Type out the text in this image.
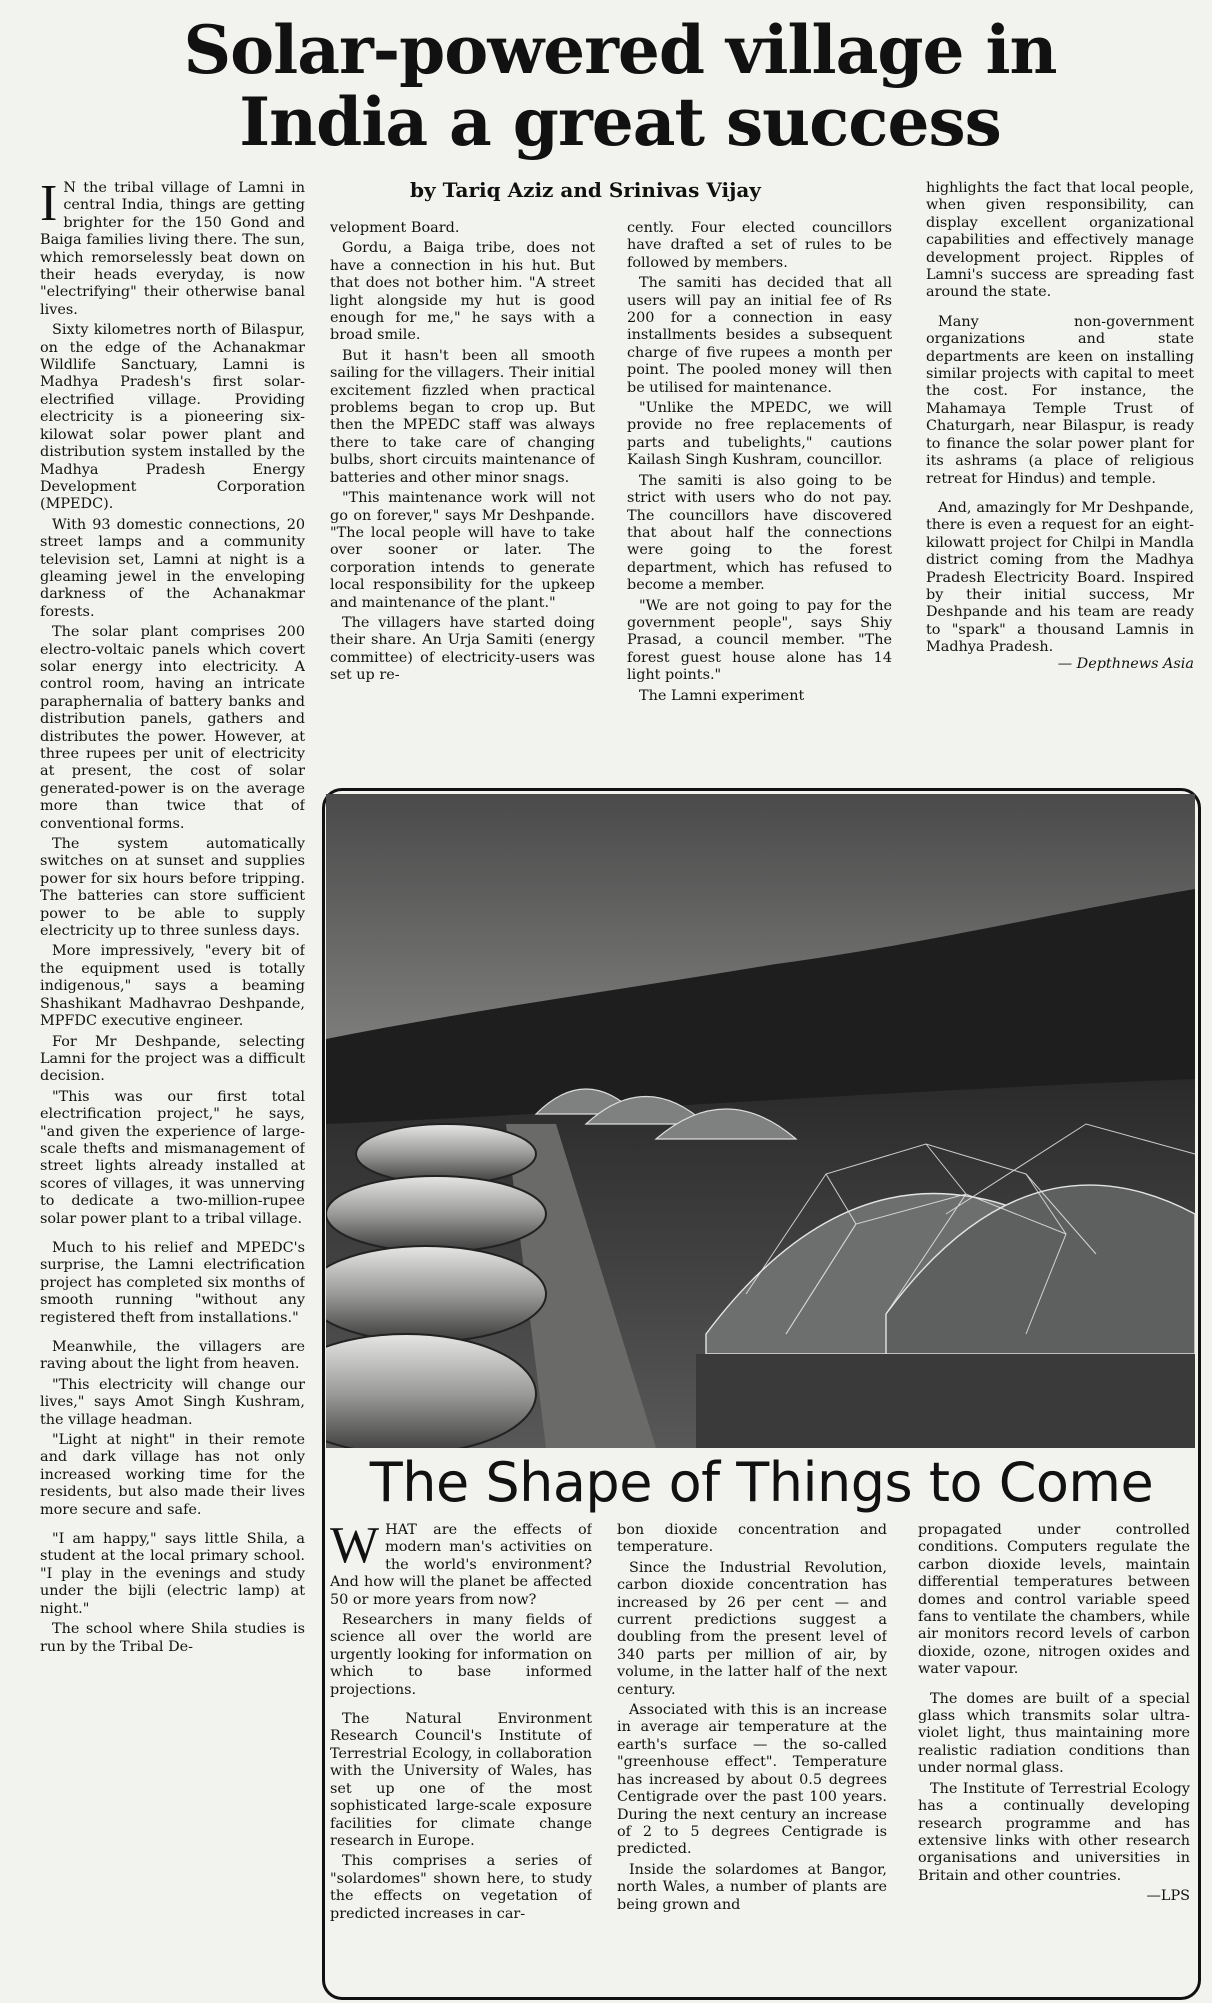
Solar-powered village in India a great success
by Tariq Aziz and Srinivas Vijay
I N the tribal village of Lamni in central India, things are getting brighter for the 150 Gond and Baiga families living there. The sun, which remorselessly beat down on their heads everyday, is now "electrifying" their otherwise banal lives.

Sixty kilometres north of Bilaspur, on the edge of the Achanakmar Wildlife Sanctuary, Lamni is Madhya Pradesh's first solar-electrified village. Providing electricity is a pioneering six-kilowat solar power plant and distribution system installed by the Madhya Pradesh Energy Development Corporation (MPEDC).

With 93 domestic connections, 20 street lamps and a community television set, Lamni at night is a gleaming jewel in the enveloping darkness of the Achanakmar forests.

The solar plant comprises 200 electro-voltaic panels which covert solar energy into electricity. A control room, having an intricate paraphernalia of battery banks and distribution panels, gathers and distributes the power. However, at three rupees per unit of electricity at present, the cost of solar generated-power is on the average more than twice that of conventional forms.

The system automatically switches on at sunset and supplies power for six hours before tripping. The batteries can store sufficient power to be able to supply electricity up to three sunless days.

More impressively, "every bit of the equipment used is totally indigenous," says a beaming Shashikant Madhavrao Deshpande, MPFDC executive engineer.

For Mr Deshpande, selecting Lamni for the project was a difficult decision.

"This was our first total electrification project," he says, "and given the experience of large-scale thefts and mismanagement of street lights already installed at scores of villages, it was unnerving to dedicate a two-million-rupee solar power plant to a tribal village.

Much to his relief and MPEDC's surprise, the Lamni electrification project has completed six months of smooth running "without any registered theft from installations."

Meanwhile, the villagers are raving about the light from heaven.

"This electricity will change our lives," says Amot Singh Kushram, the village headman.

"Light at night" in their remote and dark village has not only increased working time for the residents, but also made their lives more secure and safe.

"I am happy," says little Shila, a student at the local primary school. "I play in the evenings and study under the bijli (electric lamp) at night."

The school where Shila studies is run by the Tribal De-

velopment Board.

Gordu, a Baiga tribe, does not have a connection in his hut. But that does not bother him. "A street light alongside my hut is good enough for me," he says with a broad smile.

But it hasn't been all smooth sailing for the villagers. Their initial excitement fizzled when practical problems began to crop up. But then the MPEDC staff was always there to take care of changing bulbs, short circuits maintenance of batteries and other minor snags.

"This maintenance work will not go on forever," says Mr Deshpande. "The local people will have to take over sooner or later. The corporation intends to generate local responsibility for the upkeep and maintenance of the plant."

The villagers have started doing their share. An Urja Samiti (energy committee) of electricity-users was set up re-

cently. Four elected councillors have drafted a set of rules to be followed by members.

The samiti has decided that all users will pay an initial fee of Rs 200 for a connection in easy installments besides a subsequent charge of five rupees a month per point. The pooled money will then be utilised for maintenance.

"Unlike the MPEDC, we will provide no free replacements of parts and tubelights," cautions Kailash Singh Kushram, councillor.

The samiti is also going to be strict with users who do not pay. The councillors have discovered that about half the connections were going to the forest department, which has refused to become a member.

"We are not going to pay for the government people", says Shiy Prasad, a council member. "The forest guest house alone has 14 light points."

The Lamni experiment

highlights the fact that local people, when given responsibility, can display excellent organizational capabilities and effectively manage development project. Ripples of Lamni's success are spreading fast around the state.

Many non-government organizations and state departments are keen on installing similar projects with capital to meet the cost. For instance, the Mahamaya Temple Trust of Chaturgarh, near Bilaspur, is ready to finance the solar power plant for its ashrams (a place of religious retreat for Hindus) and temple.

And, amazingly for Mr Deshpande, there is even a request for an eight-kilowatt project for Chilpi in Mandla district coming from the Madhya Pradesh Electricity Board. Inspired by their initial success, Mr Deshpande and his team are ready to "spark" a thousand Lamnis in Madhya Pradesh.

— Depthnews Asia

The Shape of Things to Come
W HAT are the effects of modern man's activities on the world's environment? And how will the planet be affected 50 or more years from now?

Researchers in many fields of science all over the world are urgently looking for information on which to base informed projections.

The Natural Environment Research Council's Institute of Terrestrial Ecology, in collaboration with the University of Wales, has set up one of the most sophisticated large-scale exposure facilities for climate change research in Europe.

This comprises a series of "solardomes" shown here, to study the effects on vegetation of predicted increases in car-

bon dioxide concentration and temperature.

Since the Industrial Revolution, carbon dioxide concentration has increased by 26 per cent — and current predictions suggest a doubling from the present level of 340 parts per million of air, by volume, in the latter half of the next century.

Associated with this is an increase in average air temperature at the earth's surface — the so-called "greenhouse effect". Temperature has increased by about 0.5 degrees Centigrade over the past 100 years. During the next century an increase of 2 to 5 degrees Centigrade is predicted.

Inside the solardomes at Bangor, north Wales, a number of plants are being grown and

propagated under controlled conditions. Computers regulate the carbon dioxide levels, maintain differential temperatures between domes and control variable speed fans to ventilate the chambers, while air monitors record levels of carbon dioxide, ozone, nitrogen oxides and water vapour.

The domes are built of a special glass which transmits solar ultra-violet light, thus maintaining more realistic radiation conditions than under normal glass.

The Institute of Terrestrial Ecology has a continually developing research programme and has extensive links with other research organisations and universities in Britain and other countries.

—LPS
